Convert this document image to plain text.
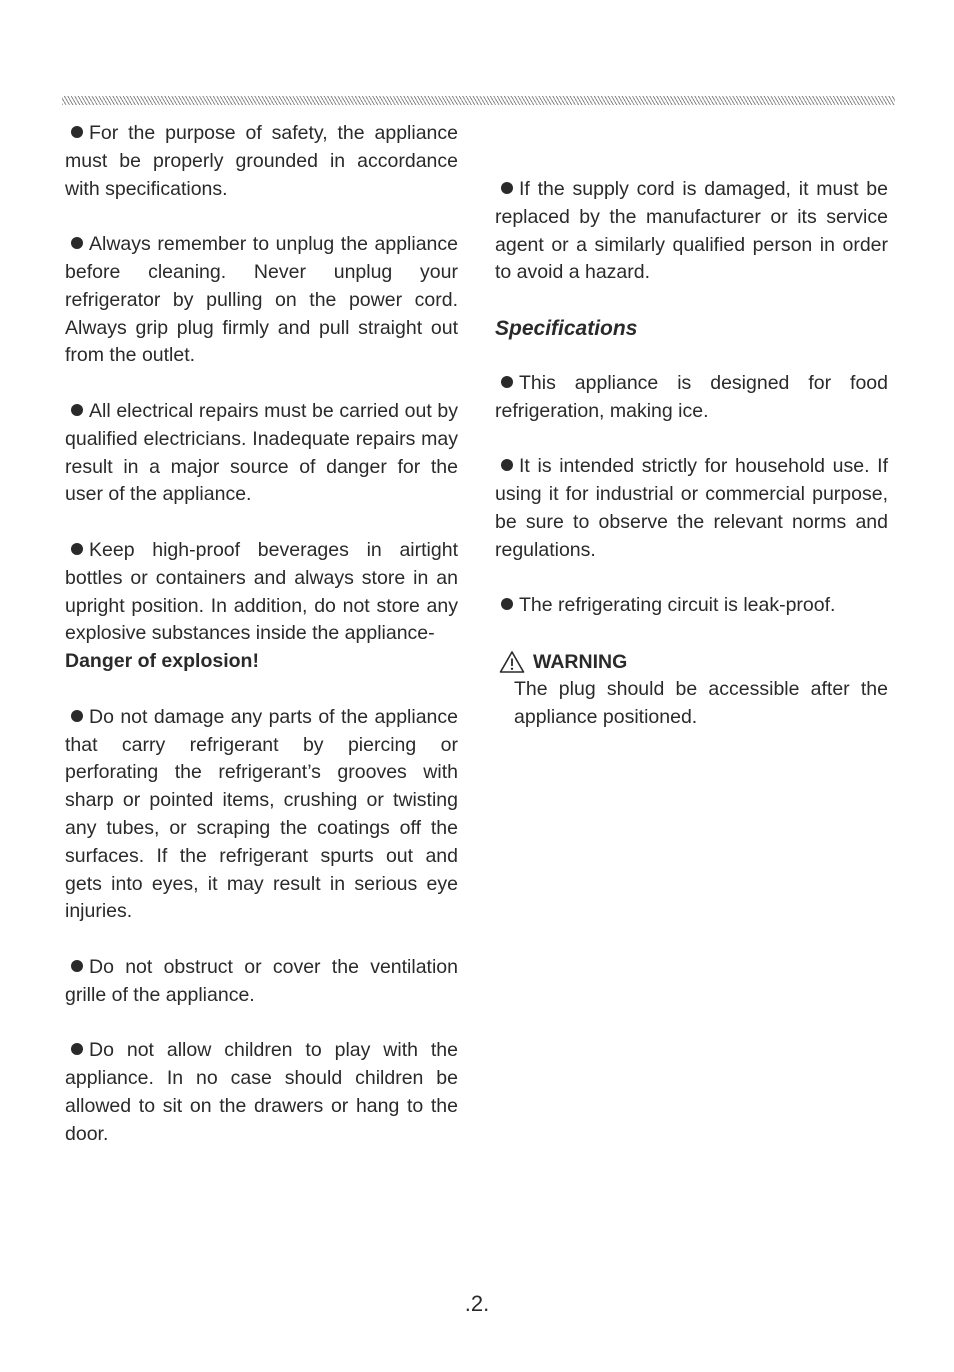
For the purpose of safety, the appliance must be properly grounded in accordance with specifications.

Always remember to unplug the appliance before cleaning. Never unplug your refrigerator by pulling on the power cord. Always grip plug firmly and pull straight out from the outlet.

All electrical repairs must be carried out by qualified electricians. Inadequate repairs may result in a major source of danger for the user of the appliance.

Keep high-proof beverages in airtight bottles or containers and always store in an upright position. In addition, do not store any explosive substances inside the appliance-
Danger of explosion!

Do not damage any parts of the appliance that carry refrigerant by piercing or perforating the refrigerant’s grooves with sharp or pointed items, crushing or twisting any tubes, or scraping the coatings off the surfaces. If the refrigerant spurts out and gets into eyes, it may result in serious eye injuries.

Do not obstruct or cover the ventilation grille of the appliance.

Do not allow children to play with the appliance. In no case should children be allowed to sit on the drawers or hang to the door.

If the supply cord is damaged, it must be replaced by the manufacturer or its service agent or a similarly qualified person in order to avoid a hazard.

Specifications

This appliance is designed for food refrigeration, making ice.

It is intended strictly for household use. If using it for industrial or commercial purpose, be sure to observe the relevant norms and regulations.

The refrigerating circuit is leak-proof.

WARNING

The plug should be accessible after the appliance positioned.

.2.
